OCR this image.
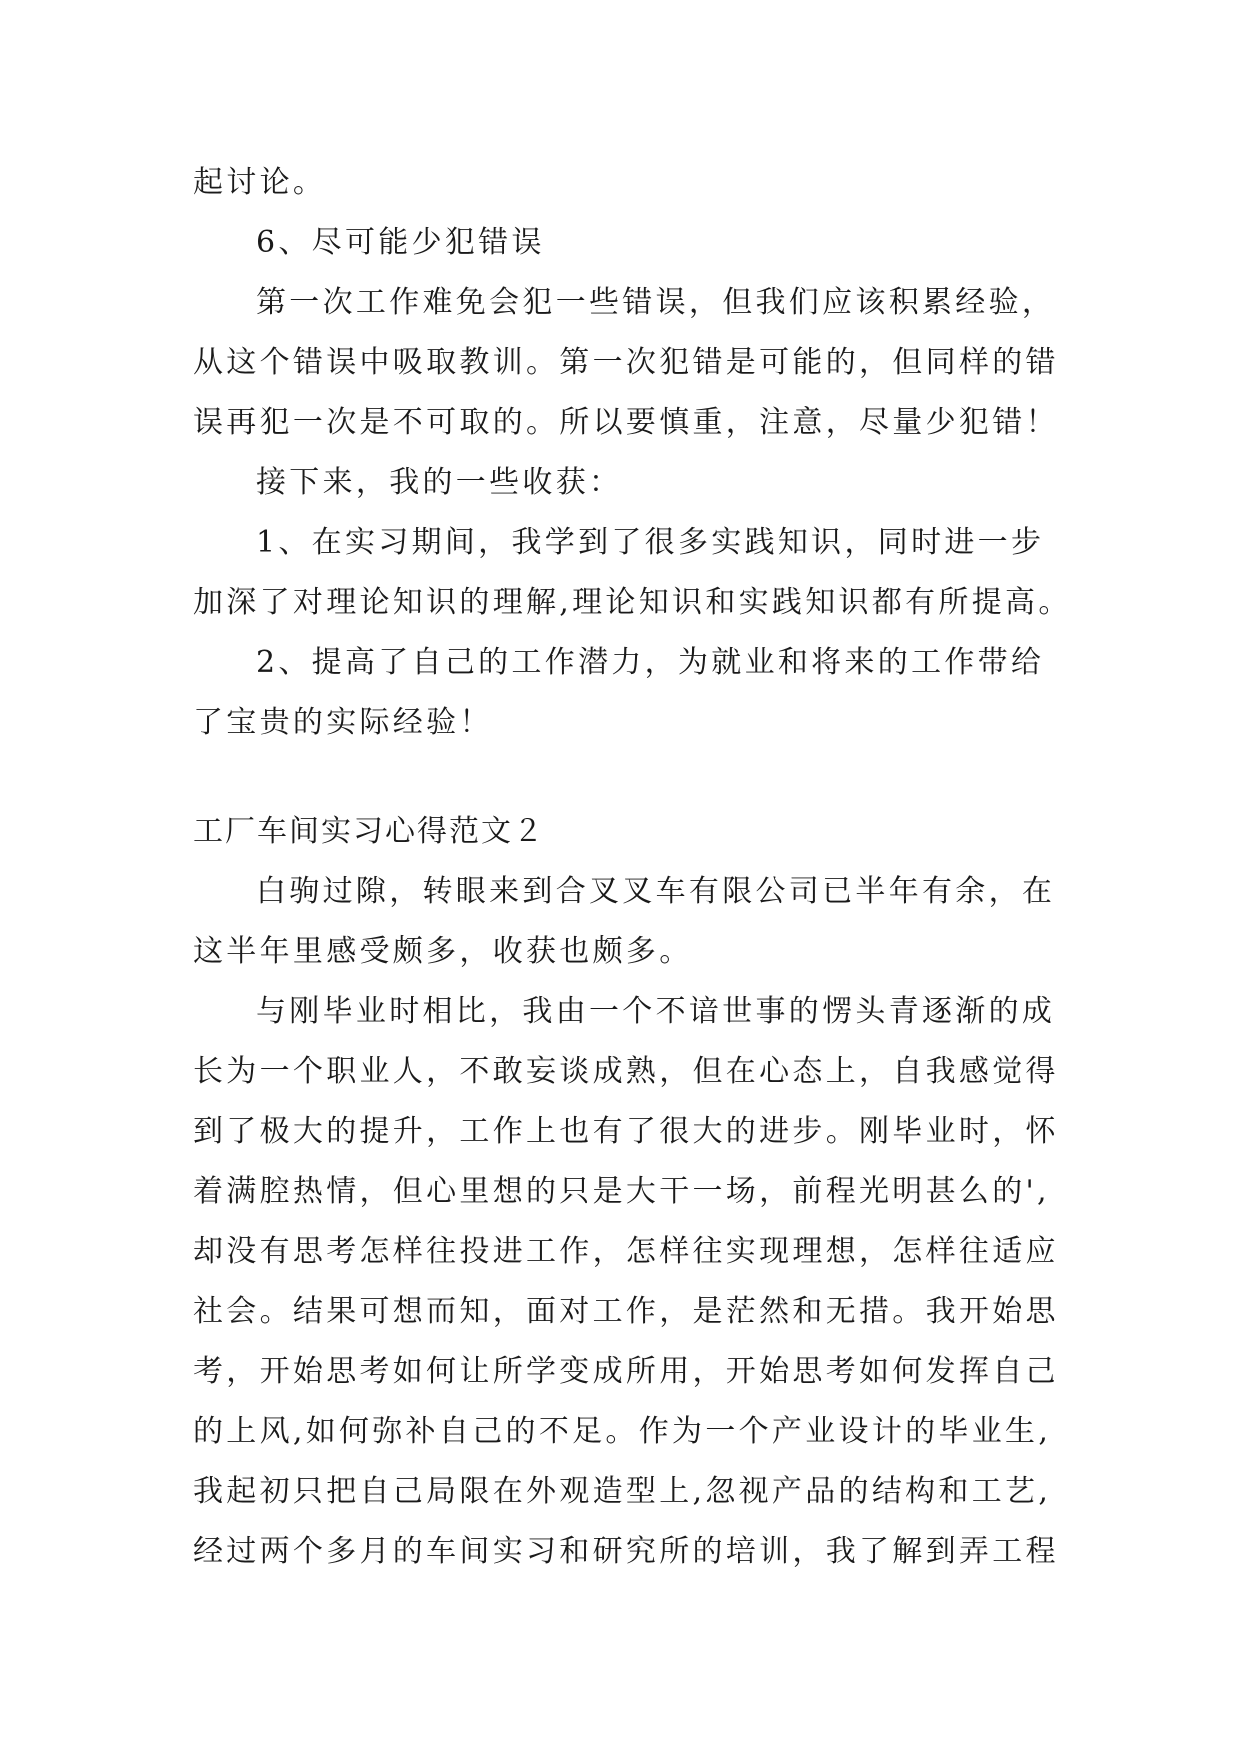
起讨论。
6、尽可能少犯错误
第一次工作难免会犯一些错误，但我们应该积累经验，
从这个错误中吸取教训。第一次犯错是可能的，但同样的错
误再犯一次是不可取的。所以要慎重，注意，尽量少犯错！
接下来，我的一些收获：
1、在实习期间，我学到了很多实践知识，同时进一步
加深了对理论知识的理解,理论知识和实践知识都有所提高。
2、提高了自己的工作潜力，为就业和将来的工作带给
了宝贵的实际经验！
工厂车间实习心得范文２
白驹过隙，转眼来到合叉叉车有限公司已半年有余，在
这半年里感受颇多，收获也颇多。
与刚毕业时相比，我由一个不谙世事的愣头青逐渐的成
长为一个职业人，不敢妄谈成熟，但在心态上，自我感觉得
到了极大的提升，工作上也有了很大的进步。刚毕业时，怀
着满腔热情，但心里想的只是大干一场，前程光明甚么的',
却没有思考怎样往投进工作，怎样往实现理想，怎样往适应
社会。结果可想而知，面对工作，是茫然和无措。我开始思
考，开始思考如何让所学变成所用，开始思考如何发挥自己
的上风,如何弥补自己的不足。作为一个产业设计的毕业生,
我起初只把自己局限在外观造型上,忽视产品的结构和工艺,
经过两个多月的车间实习和研究所的培训，我了解到弄工程
